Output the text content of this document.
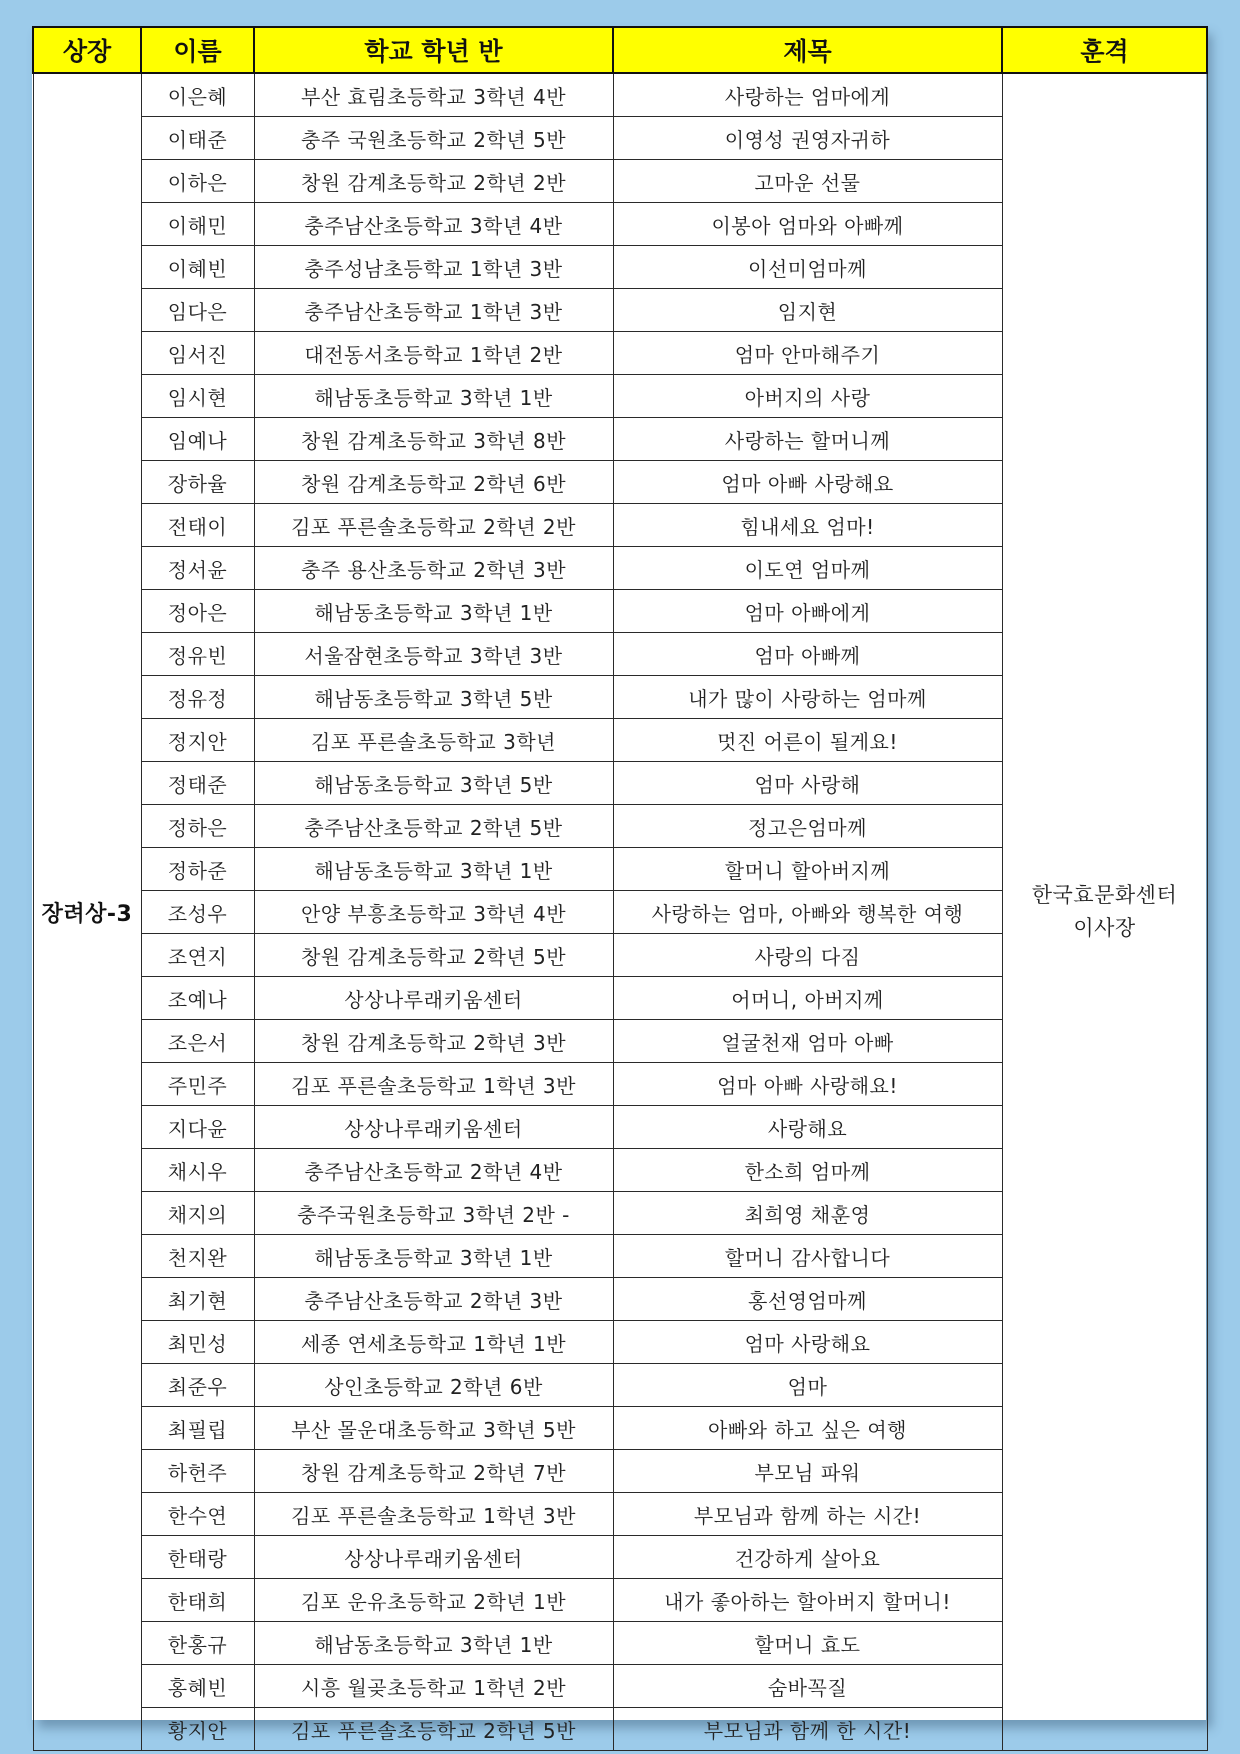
상장	이름	학교 학년 반	제목	훈격
장려상-3	이은혜	부산 효림초등학교 3학년 4반	사랑하는 엄마에게	한국효문화센터
이사장

	이태준	충주 국원초등학교 2학년 5반	이영성 권영자귀하	
	이하은	창원 감계초등학교 2학년 2반	고마운 선물	
	이해민	충주남산초등학교 3학년 4반	이봉아 엄마와 아빠께	
	이혜빈	충주성남초등학교 1학년 3반	이선미엄마께	
	임다은	충주남산초등학교 1학년 3반	임지현	
	임서진	대전동서초등학교 1학년 2반	엄마 안마해주기	
	임시현	해남동초등학교 3학년 1반	아버지의 사랑	
	임예나	창원 감계초등학교 3학년 8반	사랑하는 할머니께	
	장하율	창원 감계초등학교 2학년 6반	엄마 아빠 사랑해요	
	전태이	김포 푸른솔초등학교 2학년 2반	힘내세요 엄마!	
	정서윤	충주 용산초등학교 2학년 3반	이도연 엄마께	
	정아은	해남동초등학교 3학년 1반	엄마 아빠에게	
	정유빈	서울잠현초등학교 3학년 3반	엄마 아빠께	
	정유정	해남동초등학교 3학년 5반	내가 많이 사랑하는 엄마께	
	정지안	김포 푸른솔초등학교 3학년	멋진 어른이 될게요!	
	정태준	해남동초등학교 3학년 5반	엄마 사랑해	
	정하은	충주남산초등학교 2학년 5반	정고은엄마께	
	정하준	해남동초등학교 3학년 1반	할머니 할아버지께	
	조성우	안양 부흥초등학교 3학년 4반	사랑하는 엄마, 아빠와 행복한 여행	
	조연지	창원 감계초등학교 2학년 5반	사랑의 다짐	
	조예나	상상나루래키움센터	어머니, 아버지께	
	조은서	창원 감계초등학교 2학년 3반	얼굴천재 엄마 아빠	
	주민주	김포 푸른솔초등학교 1학년 3반	엄마 아빠 사랑해요!	
	지다윤	상상나루래키움센터	사랑해요	
	채시우	충주남산초등학교 2학년 4반	한소희 엄마께	
	채지의	충주국원초등학교 3학년 2반 -	최희영 채훈영	
	천지완	해남동초등학교 3학년 1반	할머니 감사합니다	
	최기현	충주남산초등학교 2학년 3반	홍선영엄마께	
	최민성	세종 연세초등학교 1학년 1반	엄마 사랑해요	
	최준우	상인초등학교 2학년 6반	엄마	
	최필립	부산 몰운대초등학교 3학년 5반	아빠와 하고 싶은 여행	
	하헌주	창원 감계초등학교 2학년 7반	부모님 파워	
	한수연	김포 푸른솔초등학교 1학년 3반	부모님과 함께 하는 시간!	
	한태랑	상상나루래키움센터	건강하게 살아요	
	한태희	김포 운유초등학교 2학년 1반	내가 좋아하는 할아버지 할머니!	
	한홍규	해남동초등학교 3학년 1반	할머니 효도	
	홍혜빈	시흥 월곶초등학교 1학년 2반	숨바꼭질	
	황지안	김포 푸른솔초등학교 2학년 5반	부모님과 함께 한 시간!	
